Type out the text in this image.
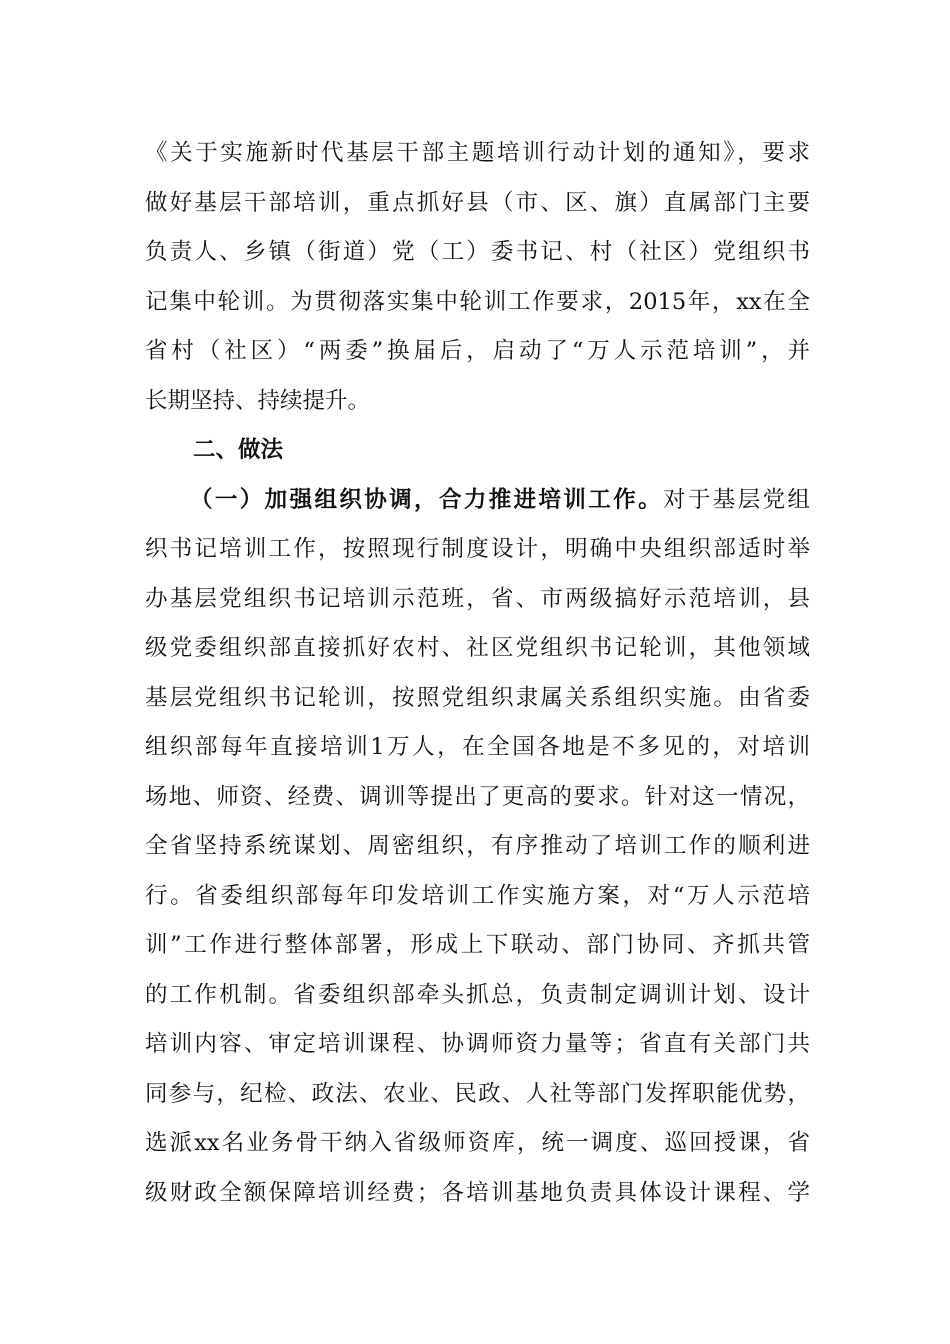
《关于实施新时代基层干部主题培训行动计划的通知》，要求
做好基层干部培训，重点抓好县（市、区、旗）直属部门主要
负责人、乡镇（街道）党（工）委书记、村（社区）党组织书
记集中轮训。为贯彻落实集中轮训工作要求，2015年，xx在全
省村（社区）“两委”换届后，启动了“万人示范培训”，并
长期坚持、持续提升。
二、做法
（一）加强组织协调，合力推进培训工作。对于基层党组
织书记培训工作，按照现行制度设计，明确中央组织部适时举
办基层党组织书记培训示范班，省、市两级搞好示范培训，县
级党委组织部直接抓好农村、社区党组织书记轮训，其他领域
基层党组织书记轮训，按照党组织隶属关系组织实施。由省委
组织部每年直接培训1万人，在全国各地是不多见的，对培训
场地、师资、经费、调训等提出了更高的要求。针对这一情况，
全省坚持系统谋划、周密组织，有序推动了培训工作的顺利进
行。省委组织部每年印发培训工作实施方案，对“万人示范培
训”工作进行整体部署，形成上下联动、部门协同、齐抓共管
的工作机制。省委组织部牵头抓总，负责制定调训计划、设计
培训内容、审定培训课程、协调师资力量等；省直有关部门共
同参与，纪检、政法、农业、民政、人社等部门发挥职能优势，
选派xx名业务骨干纳入省级师资库，统一调度、巡回授课，省
级财政全额保障培训经费；各培训基地负责具体设计课程、学
